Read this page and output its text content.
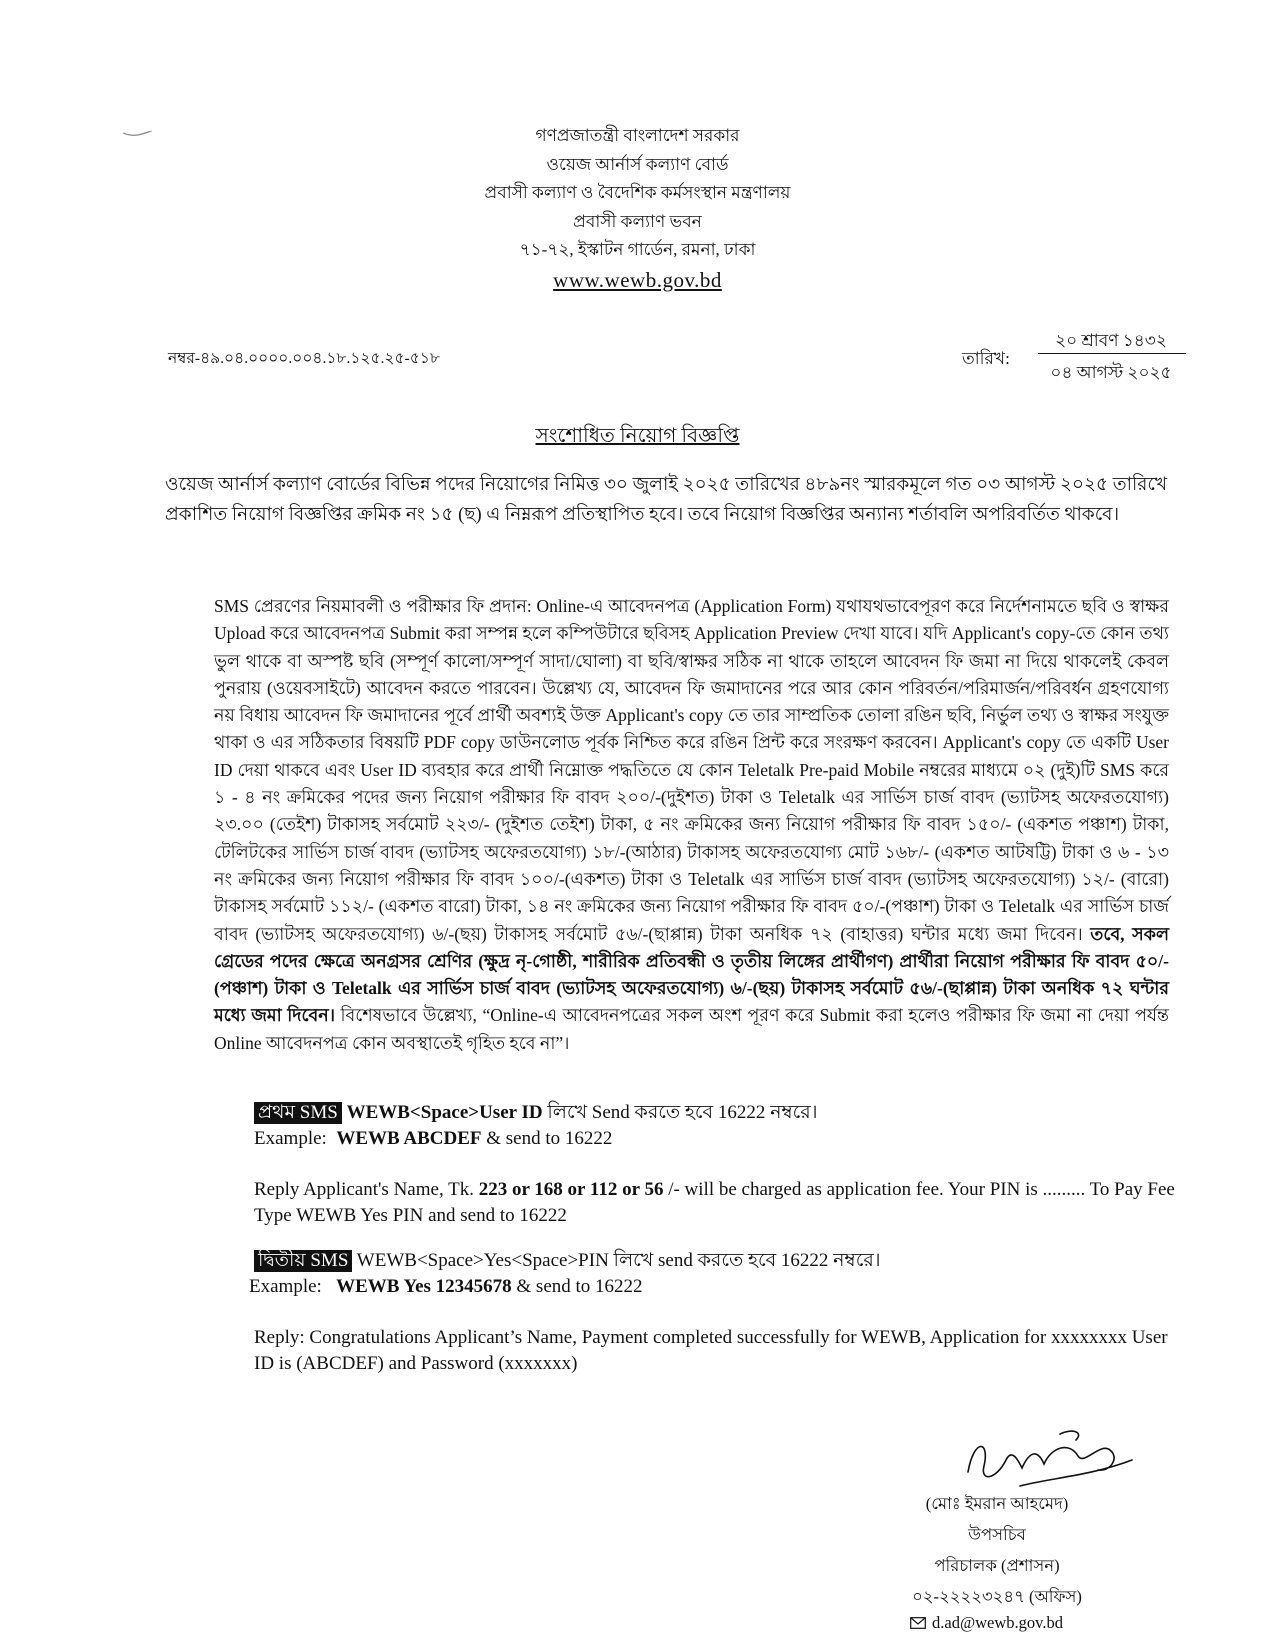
গণপ্রজাতন্ত্রী বাংলাদেশ সরকার
ওয়েজ আর্নার্স কল্যাণ বোর্ড
প্রবাসী কল্যাণ ও বৈদেশিক কর্মসংস্থান মন্ত্রণালয়
প্রবাসী কল্যাণ ভবন
৭১-৭২, ইস্কাটন গার্ডেন, রমনা, ঢাকা
www.wewb.gov.bd
নম্বর-৪৯.০৪.০০০০.০০৪.১৮.১২৫.২৫-৫১৮	তারিখ:
২০ শ্রাবণ ১৪৩২
০৪ আগস্ট ২০২৫
সংশোধিত নিয়োগ বিজ্ঞপ্তি
ওয়েজ আর্নার্স কল্যাণ বোর্ডের বিভিন্ন পদের নিয়োগের নিমিত্ত ৩০ জুলাই ২০২৫ তারিখের ৪৮৯নং স্মারকমূলে গত ০৩ আগস্ট ২০২৫ তারিখে প্রকাশিত নিয়োগ বিজ্ঞপ্তির ক্রমিক নং ১৫ (ছ) এ নিম্নরূপ প্রতিস্থাপিত হবে। তবে নিয়োগ বিজ্ঞপ্তির অন্যান্য শর্তাবলি অপরিবর্তিত থাকবে।
SMS প্রেরণের নিয়মাবলী ও পরীক্ষার ফি প্রদান: Online-এ আবেদনপত্র (Application Form) যথাযথভাবেপূরণ করে নির্দেশনামতে ছবি ও স্বাক্ষর Upload করে আবেদনপত্র Submit করা সম্পন্ন হলে কম্পিউটারে ছবিসহ Application Preview দেখা যাবে। যদি Applicant's copy-তে কোন তথ্য ভুল থাকে বা অস্পষ্ট ছবি (সম্পূর্ণ কালো/সম্পূর্ণ সাদা/ঘোলা) বা ছবি/স্বাক্ষর সঠিক না থাকে তাহলে আবেদন ফি জমা না দিয়ে থাকলেই কেবল পুনরায় (ওয়েবসাইটে) আবেদন করতে পারবেন। উল্লেখ্য যে, আবেদন ফি জমাদানের পরে আর কোন পরিবর্তন/পরিমার্জন/পরিবর্ধন গ্রহণযোগ্য নয় বিধায় আবেদন ফি জমাদানের পূর্বে প্রার্থী অবশ্যই উক্ত Applicant's copy তে তার সাম্প্রতিক তোলা রঙিন ছবি, নির্ভুল তথ্য ও স্বাক্ষর সংযুক্ত থাকা ও এর সঠিকতার বিষয়টি PDF copy ডাউনলোড পূর্বক নিশ্চিত করে রঙিন প্রিন্ট করে সংরক্ষণ করবেন। Applicant's copy তে একটি User ID দেয়া থাকবে এবং User ID ব্যবহার করে প্রার্থী নিম্নোক্ত পদ্ধতিতে যে কোন Teletalk Pre-paid Mobile নম্বরের মাধ্যমে ০২ (দুই)টি SMS করে ১ - ৪ নং ক্রমিকের পদের জন্য নিয়োগ পরীক্ষার ফি বাবদ ২০০/-(দুইশত) টাকা ও Teletalk এর সার্ভিস চার্জ বাবদ (ভ্যাটসহ অফেরতযোগ্য) ২৩.০০ (তেইশ) টাকাসহ সর্বমোট ২২৩/- (দুইশত তেইশ) টাকা, ৫ নং ক্রমিকের জন্য নিয়োগ পরীক্ষার ফি বাবদ ১৫০/- (একশত পঞ্চাশ) টাকা, টেলিটকের সার্ভিস চার্জ বাবদ (ভ্যাটসহ অফেরতযোগ্য) ১৮/-(আঠার) টাকাসহ অফেরতযোগ্য মোট ১৬৮/- (একশত আটষট্টি) টাকা ও ৬ - ১৩ নং ক্রমিকের জন্য নিয়োগ পরীক্ষার ফি বাবদ ১০০/-(একশত) টাকা ও Teletalk এর সার্ভিস চার্জ বাবদ (ভ্যাটসহ অফেরতযোগ্য) ১২/- (বারো) টাকাসহ সর্বমোট ১১২/- (একশত বারো) টাকা, ১৪ নং ক্রমিকের জন্য নিয়োগ পরীক্ষার ফি বাবদ ৫০/-(পঞ্চাশ) টাকা ও Teletalk এর সার্ভিস চার্জ বাবদ (ভ্যাটসহ অফেরতযোগ্য) ৬/-(ছয়) টাকাসহ সর্বমোট ৫৬/-(ছাপ্পান্ন) টাকা অনধিক ৭২ (বাহাত্তর) ঘন্টার মধ্যে জমা দিবেন। তবে, সকল গ্রেডের পদের ক্ষেত্রে অনগ্রসর শ্রেণির (ক্ষুদ্র নৃ-গোষ্ঠী, শারীরিক প্রতিবন্ধী ও তৃতীয় লিঙ্গের প্রার্থীগণ) প্রার্থীরা নিয়োগ পরীক্ষার ফি বাবদ ৫০/-(পঞ্চাশ) টাকা ও Teletalk এর সার্ভিস চার্জ বাবদ (ভ্যাটসহ অফেরতযোগ্য) ৬/-(ছয়) টাকাসহ সর্বমোট ৫৬/-(ছাপ্পান্ন) টাকা অনধিক ৭২ ঘন্টার মধ্যে জমা দিবেন। বিশেষভাবে উল্লেখ্য, “Online-এ আবেদনপত্রের সকল অংশ পূরণ করে Submit করা হলেও পরীক্ষার ফি জমা না দেয়া পর্যন্ত Online আবেদনপত্র কোন অবস্থাতেই গৃহিত হবে না”।
প্রথম SMS WEWB<Space>User ID লিখে Send করতে হবে 16222 নম্বরে।
Example: WEWB ABCDEF & send to 16222
Reply Applicant's Name, Tk. 223 or 168 or 112 or 56 /- will be charged as application fee. Your PIN is ......... To Pay Fee Type WEWB Yes PIN and send to 16222
দ্বিতীয় SMS WEWB<Space>Yes<Space>PIN লিখে send করতে হবে 16222 নম্বরে।
Example: WEWB Yes 12345678 & send to 16222
Reply: Congratulations Applicant’s Name, Payment completed successfully for WEWB, Application for xxxxxxxx User ID is (ABCDEF) and Password (xxxxxxx)
(মোঃ ইমরান আহমেদ)
উপসচিব
পরিচালক (প্রশাসন)
০২-২২২২৩২৪৭ (অফিস)
d.ad@wewb.gov.bd
